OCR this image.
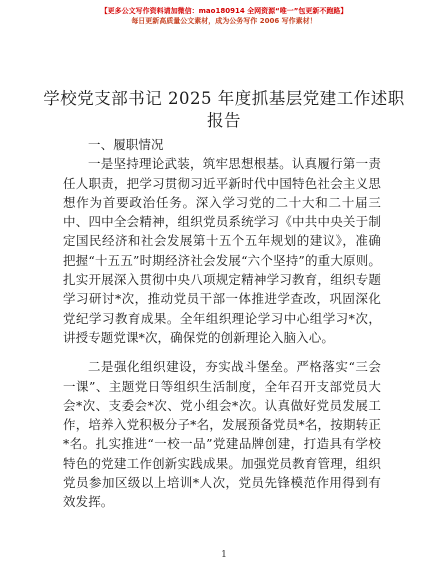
【更多公文写作资料请加微信：mao180914 全网资源“唯一”包更新不跑路】
每日更新高质量公文素材，成为公务写作 2006 写作素材！
学校党支部书记 2025 年度抓基层党建工作述职报告
一、履职情况

一是坚持理论武装，筑牢思想根基。认真履行第一责任人职责，把学习贯彻习近平新时代中国特色社会主义思想作为首要政治任务。深入学习党的二十大和二十届三中、四中全会精神，组织党员系统学习《中共中央关于制定国民经济和社会发展第十五个五年规划的建议》，准确把握“十五五”时期经济社会发展“六个坚持”的重大原则。扎实开展深入贯彻中央八项规定精神学习教育，组织专题学习研讨*次，推动党员干部一体推进学查改，巩固深化党纪学习教育成果。全年组织理论学习中心组学习*次，讲授专题党课*次，确保党的创新理论入脑入心。

二是强化组织建设，夯实战斗堡垒。严格落实“三会一课”、主题党日等组织生活制度，全年召开支部党员大会*次、支委会*次、党小组会*次。认真做好党员发展工作，培养入党积极分子*名，发展预备党员*名，按期转正*名。扎实推进“一校一品”党建品牌创建，打造具有学校特色的党建工作创新实践成果。加强党员教育管理，组织党员参加区级以上培训*人次，党员先锋模范作用得到有效发挥。

1
